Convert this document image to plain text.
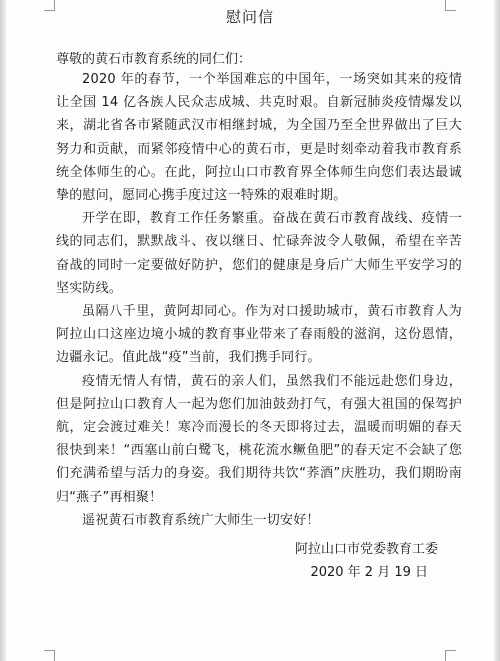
慰问信
尊敬的黄石市教育系统的同仁们：

2020 年的春节，一个举国难忘的中国年，一场突如其来的疫情让全国 14 亿各族人民众志成城、共克时艰。自新冠肺炎疫情爆发以来，湖北省各市紧随武汉市相继封城，为全国乃至全世界做出了巨大努力和贡献，而紧邻疫情中心的黄石市，更是时刻牵动着我市教育系统全体师生的心。在此，阿拉山口市教育界全体师生向您们表达最诚挚的慰问，愿同心携手度过这一特殊的艰难时期。

开学在即，教育工作任务繁重。奋战在黄石市教育战线、疫情一线的同志们，默默战斗、夜以继日、忙碌奔波令人敬佩，希望在辛苦奋战的同时一定要做好防护，您们的健康是身后广大师生平安学习的坚实防线。

虽隔八千里，黄阿却同心。作为对口援助城市，黄石市教育人为阿拉山口这座边境小城的教育事业带来了春雨般的滋润，这份恩情，边疆永记。值此战“疫”当前，我们携手同行。

疫情无情人有情，黄石的亲人们，虽然我们不能远赴您们身边，但是阿拉山口教育人一起为您们加油鼓劲打气，有强大祖国的保驾护航，定会渡过难关！寒冷而漫长的冬天即将过去，温暖而明媚的春天很快到来！“西塞山前白鹭飞，桃花流水鳜鱼肥”的春天定不会缺了您们充满希望与活力的身姿。我们期待共饮“荞酒”庆胜功，我们期盼南归“燕子”再相聚！

遥祝黄石市教育系统广大师生一切安好！

阿拉山口市党委教育工委
2020 年 2 月 19 日
